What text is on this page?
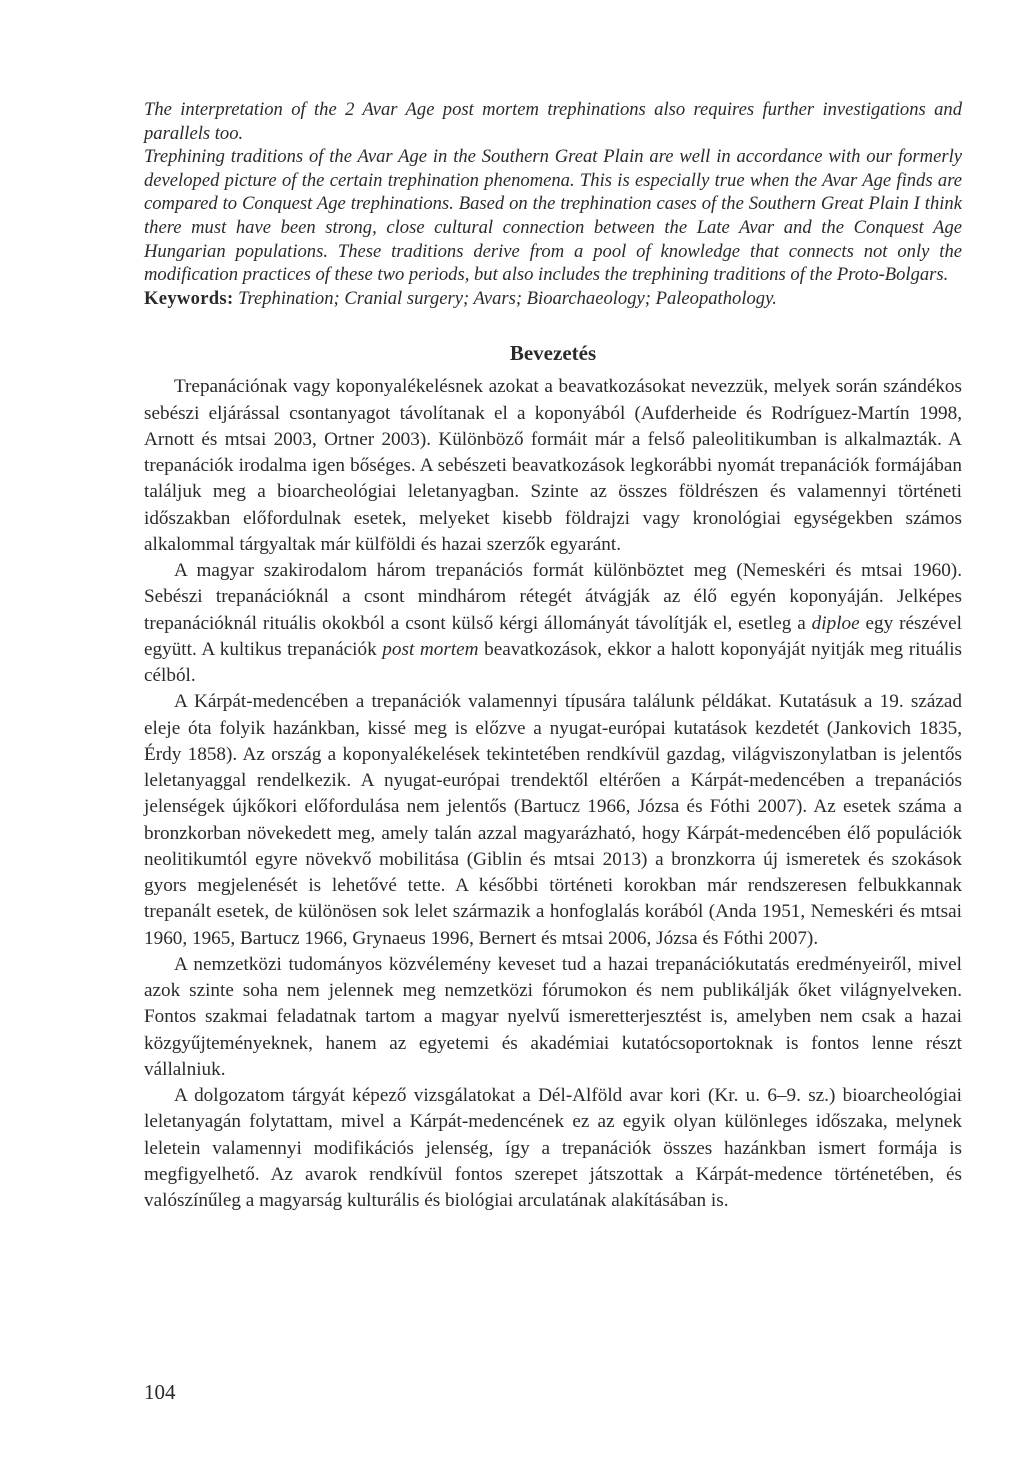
The interpretation of the 2 Avar Age post mortem trephinations also requires further investigations and parallels too.

Trephining traditions of the Avar Age in the Southern Great Plain are well in accordance with our formerly developed picture of the certain trephination phenomena. This is especially true when the Avar Age finds are compared to Conquest Age trephinations. Based on the trephination cases of the Southern Great Plain I think there must have been strong, close cultural connection between the Late Avar and the Conquest Age Hungarian populations. These traditions derive from a pool of knowledge that connects not only the modification practices of these two periods, but also includes the trephining traditions of the Proto-Bolgars.

Keywords: Trephination; Cranial surgery; Avars; Bioarchaeology; Paleopathology.

Bevezetés

Trepanációnak vagy koponyalékelésnek azokat a beavatkozásokat nevezzük, melyek során szándékos sebészi eljárással csontanyagot távolítanak el a koponyából (Aufderheide és Rodríguez-Martín 1998, Arnott és mtsai 2003, Ortner 2003). Különböző formáit már a felső paleolitikumban is alkalmazták. A trepanációk irodalma igen bőséges. A sebészeti beavatkozások legkorábbi nyomát trepanációk formájában találjuk meg a bioarcheológiai leletanyagban. Szinte az összes földrészen és valamennyi történeti időszakban előfordulnak esetek, melyeket kisebb földrajzi vagy kronológiai egységekben számos alkalommal tárgyaltak már külföldi és hazai szerzők egyaránt.

A magyar szakirodalom három trepanációs formát különböztet meg (Nemeskéri és mtsai 1960). Sebészi trepanációknál a csont mindhárom rétegét átvágják az élő egyén koponyáján. Jelképes trepanációknál rituális okokból a csont külső kérgi állományát távolítják el, esetleg a diploe egy részével együtt. A kultikus trepanációk post mortem beavatkozások, ekkor a halott koponyáját nyitják meg rituális célból.

A Kárpát-medencében a trepanációk valamennyi típusára találunk példákat. Kutatásuk a 19. század eleje óta folyik hazánkban, kissé meg is előzve a nyugat-európai kutatások kezdetét (Jankovich 1835, Érdy 1858). Az ország a koponyalékelések tekintetében rendkívül gazdag, világviszonylatban is jelentős leletanyaggal rendelkezik. A nyugat-európai trendektől eltérően a Kárpát-medencében a trepanációs jelenségek újkőkori előfordulása nem jelentős (Bartucz 1966, Józsa és Fóthi 2007). Az esetek száma a bronzkorban növekedett meg, amely talán azzal magyarázható, hogy Kárpát-medencében élő populációk neolitikumtól egyre növekvő mobilitása (Giblin és mtsai 2013) a bronzkorra új ismeretek és szokások gyors megjelenését is lehetővé tette. A későbbi történeti korokban már rendszeresen felbukkannak trepanált esetek, de különösen sok lelet származik a honfoglalás korából (Anda 1951, Nemeskéri és mtsai 1960, 1965, Bartucz 1966, Grynaeus 1996, Bernert és mtsai 2006, Józsa és Fóthi 2007).

A nemzetközi tudományos közvélemény keveset tud a hazai trepanációkutatás eredményeiről, mivel azok szinte soha nem jelennek meg nemzetközi fórumokon és nem publikálják őket világnyelveken. Fontos szakmai feladatnak tartom a magyar nyelvű ismeretterjesztést is, amelyben nem csak a hazai közgyűjteményeknek, hanem az egyetemi és akadémiai kutatócsoportoknak is fontos lenne részt vállalniuk.

A dolgozatom tárgyát képező vizsgálatokat a Dél-Alföld avar kori (Kr. u. 6–9. sz.) bioarcheológiai leletanyagán folytattam, mivel a Kárpát-medencének ez az egyik olyan különleges időszaka, melynek leletein valamennyi modifikációs jelenség, így a trepanációk összes hazánkban ismert formája is megfigyelhető. Az avarok rendkívül fontos szerepet játszottak a Kárpát-medence történetében, és valószínűleg a magyarság kulturális és biológiai arculatának alakításában is.

104
